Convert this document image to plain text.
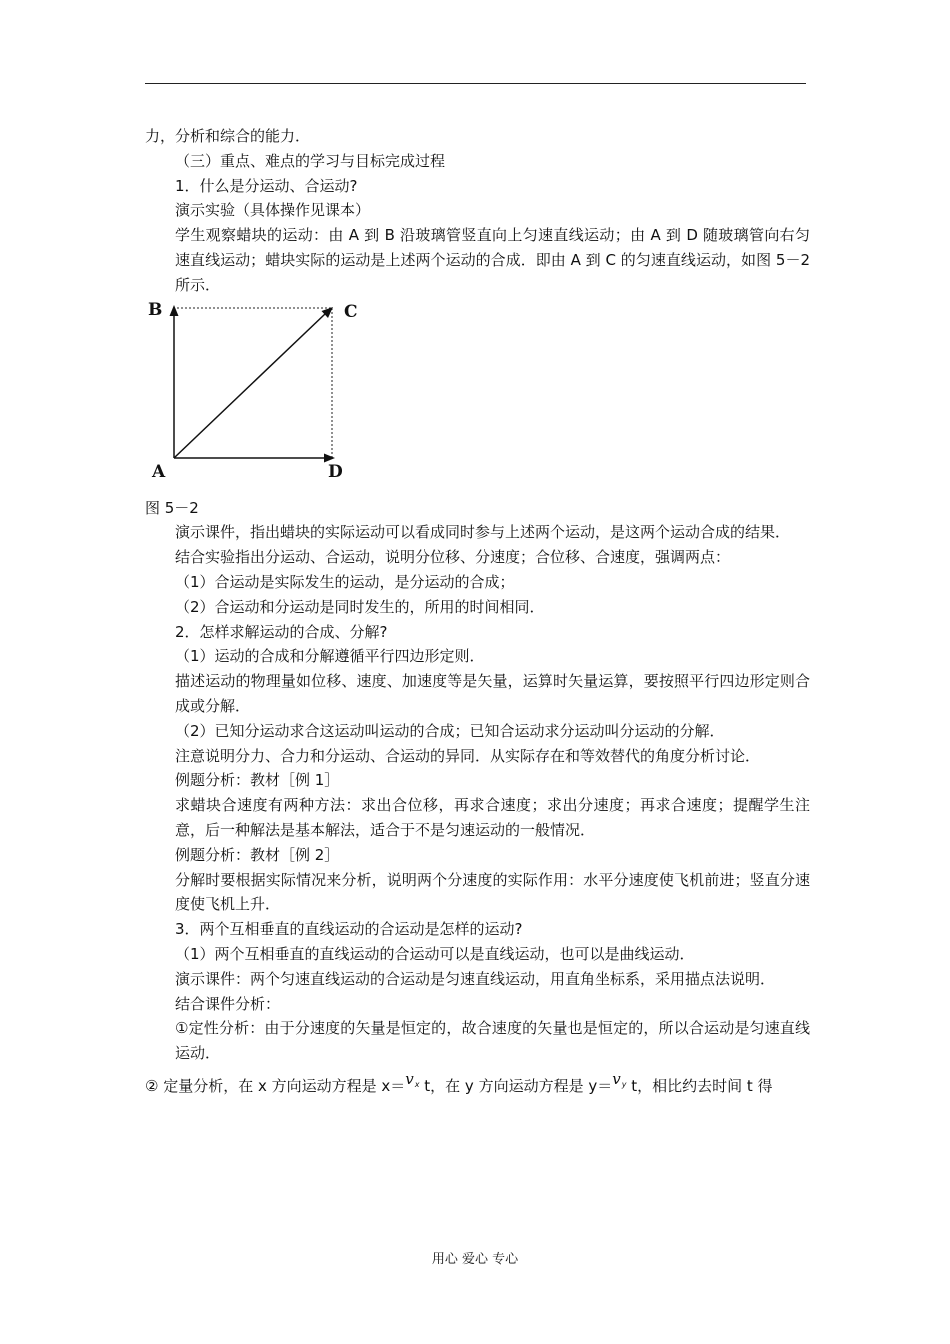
力，分析和综合的能力．

（三）重点、难点的学习与目标完成过程

1．什么是分运动、合运动?

演示实验（具体操作见课本）

学生观察蜡块的运动：由 A 到 B 沿玻璃管竖直向上匀速直线运动；由 A 到 D 随玻璃管向右匀速直线运动；蜡块实际的运动是上述两个运动的合成．即由 A 到 C 的匀速直线运动，如图 5－2 所示．

B	C
A	D

图 5－2

演示课件，指出蜡块的实际运动可以看成同时参与上述两个运动，是这两个运动合成的结果．

结合实验指出分运动、合运动，说明分位移、分速度；合位移、合速度，强调两点：

（1）合运动是实际发生的运动，是分运动的合成；

（2）合运动和分运动是同时发生的，所用的时间相同．

2．怎样求解运动的合成、分解?

（1）运动的合成和分解遵循平行四边形定则．

描述运动的物理量如位移、速度、加速度等是矢量，运算时矢量运算，要按照平行四边形定则合成或分解．

（2）已知分运动求合这运动叫运动的合成；已知合运动求分运动叫分运动的分解．

注意说明分力、合力和分运动、合运动的异同．从实际存在和等效替代的角度分析讨论．

例题分析：教材［例 1］

求蜡块合速度有两种方法：求出合位移，再求合速度；求出分速度；再求合速度；提醒学生注意，后一种解法是基本解法，适合于不是匀速运动的一般情况．

例题分析：教材［例 2］

分解时要根据实际情况来分析，说明两个分速度的实际作用：水平分速度使飞机前进；竖直分速度使飞机上升．

3．两个互相垂直的直线运动的合运动是怎样的运动?

（1）两个互相垂直的直线运动的合运动可以是直线运动，也可以是曲线运动．

演示课件：两个匀速直线运动的合运动是匀速直线运动，用直角坐标系，采用描点法说明．

结合课件分析：

①定性分析：由于分速度的矢量是恒定的，故合速度的矢量也是恒定的，所以合运动是匀速直线运动．

② 定量分析，在 x 方向运动方程是 $x=v^x$ t，在 y 方向运动方程是 $y=v^y$ t，相比约去时间 t 得

用心 爱心 专心
